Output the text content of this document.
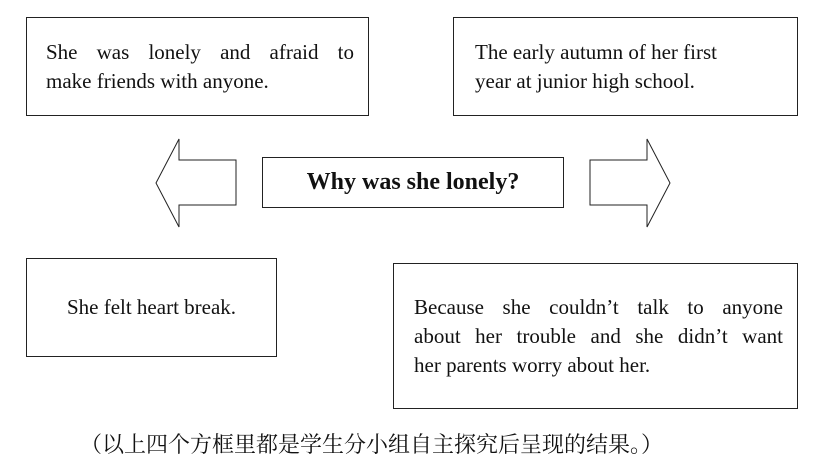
She was lonely and afraid to
make friends with anyone.
The early autumn of her first
year at junior high school.
Why was she lonely?
She felt heart break.	Because she couldn’t talk to anyone
about her trouble and she didn’t want
her parents worry about her.
（以上四个方框里都是学生分小组自主探究后呈现的结果。）
